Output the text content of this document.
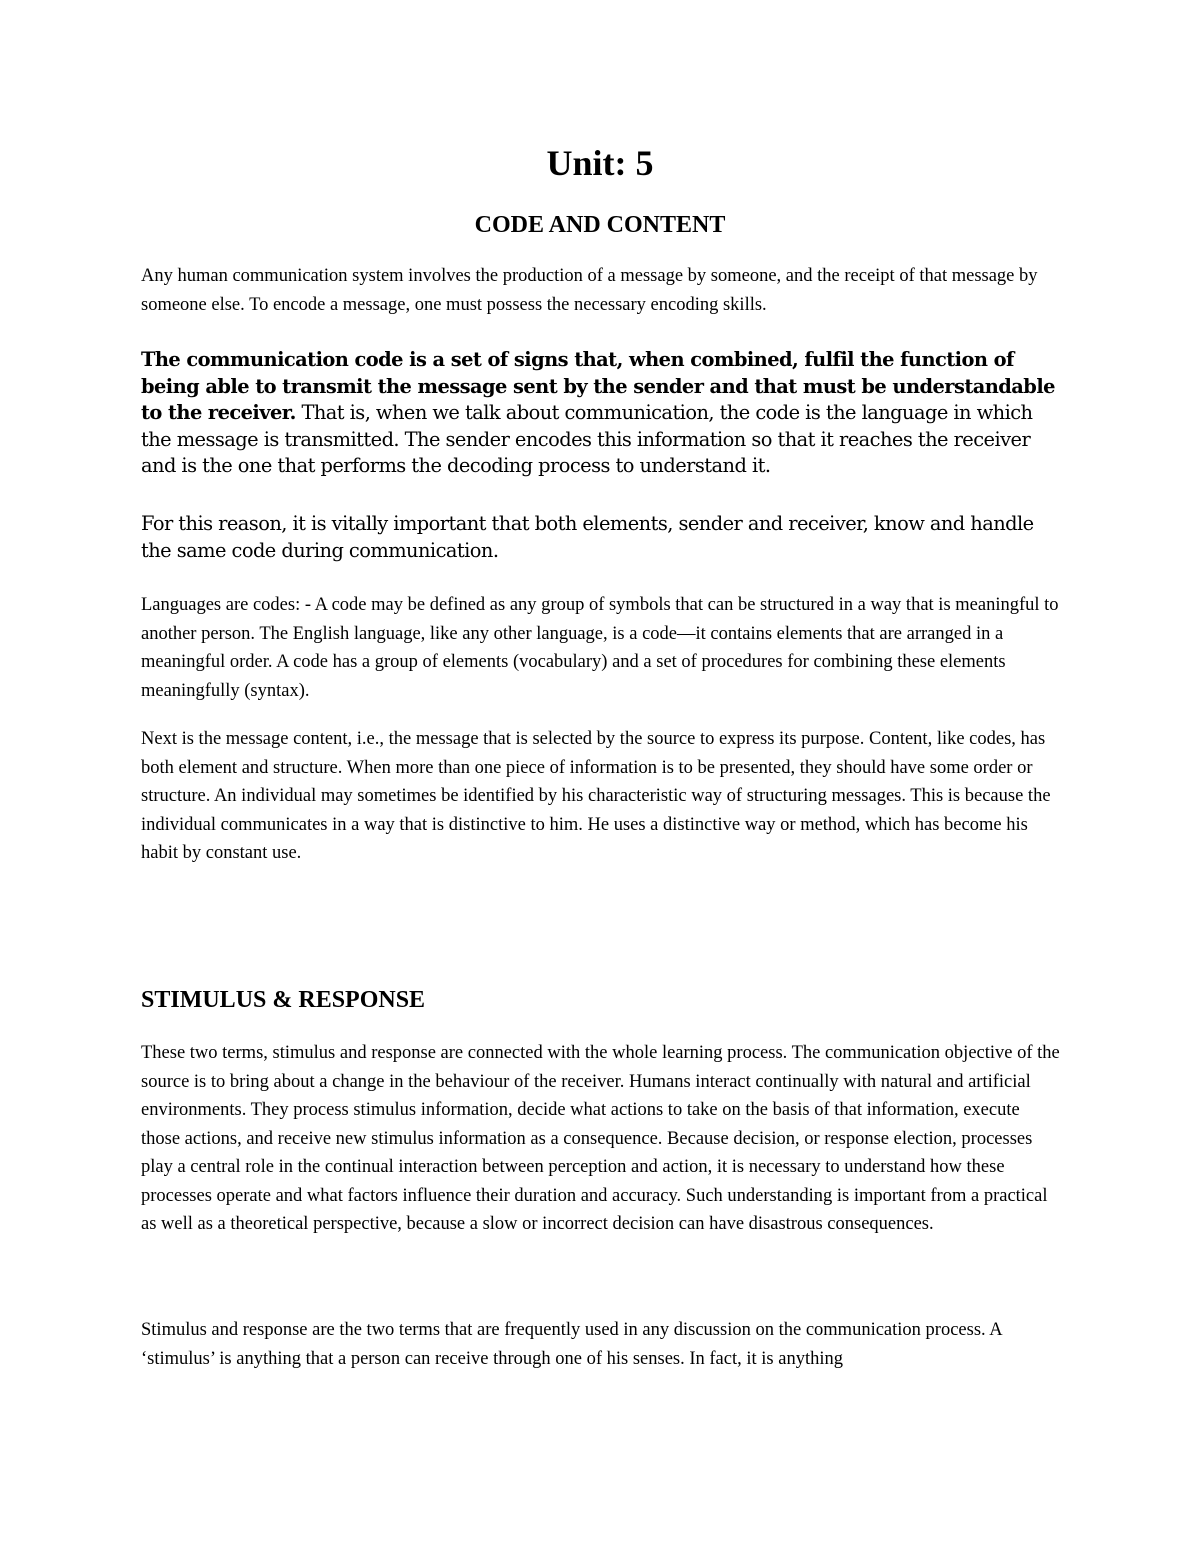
Unit: 5
CODE AND CONTENT

Any human communication system involves the production of a message by someone, and the receipt of that message by someone else. To encode a message, one must possess the necessary encoding skills.

The communication code is a set of signs that, when combined, fulfil the function of being able to transmit the message sent by the sender and that must be understandable to the receiver. That is, when we talk about communication, the code is the language in which the message is transmitted. The sender encodes this information so that it reaches the receiver and is the one that performs the decoding process to understand it.

For this reason, it is vitally important that both elements, sender and receiver, know and handle the same code during communication.

Languages are codes: - A code may be defined as any group of symbols that can be structured in a way that is meaningful to another person. The English language, like any other language, is a code—it contains elements that are arranged in a meaningful order. A code has a group of elements (vocabulary) and a set of procedures for combining these elements meaningfully (syntax).

Next is the message content, i.e., the message that is selected by the source to express its purpose. Content, like codes, has both element and structure. When more than one piece of information is to be presented, they should have some order or structure. An individual may sometimes be identified by his characteristic way of structuring messages. This is because the individual communicates in a way that is distinctive to him. He uses a distinctive way or method, which has become his habit by constant use.

STIMULUS & RESPONSE

These two terms, stimulus and response are connected with the whole learning process. The communication objective of the source is to bring about a change in the behaviour of the receiver. Humans interact continually with natural and artificial environments. They process stimulus information, decide what actions to take on the basis of that information, execute those actions, and receive new stimulus information as a consequence. Because decision, or response election, processes play a central role in the continual interaction between perception and action, it is necessary to understand how these processes operate and what factors influence their duration and accuracy. Such understanding is important from a practical as well as a theoretical perspective, because a slow or incorrect decision can have disastrous consequences.

Stimulus and response are the two terms that are frequently used in any discussion on the communication process. A ‘stimulus’ is anything that a person can receive through one of his senses. In fact, it is anything
